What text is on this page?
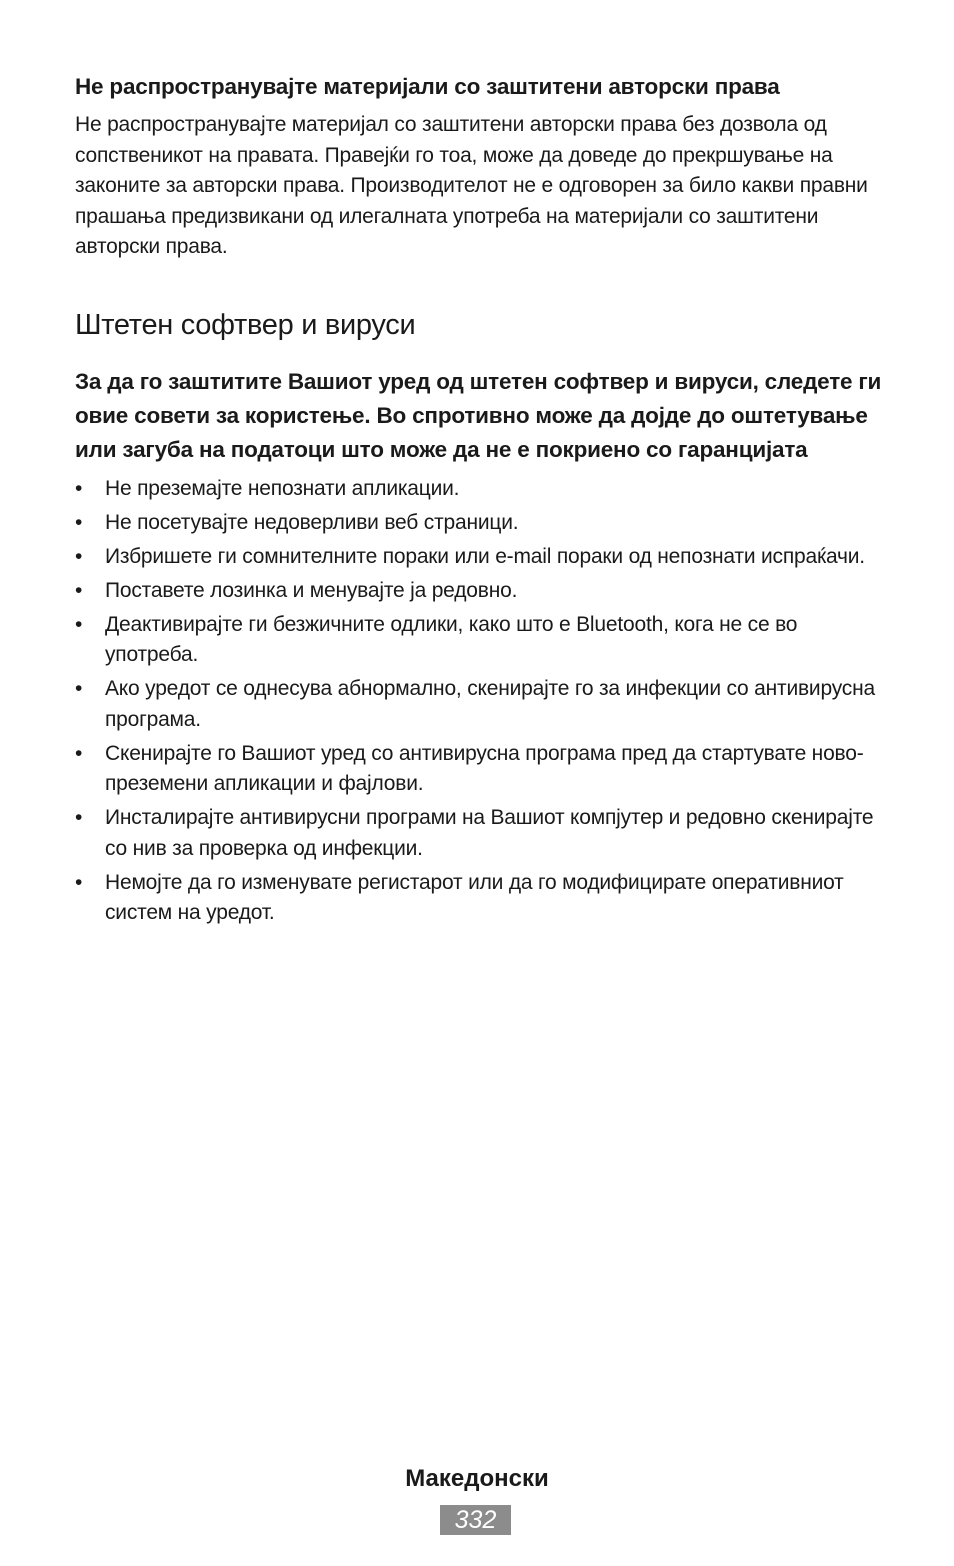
Не распространувајте материјали со заштитени авторски права

Не распространувајте материјал со заштитени авторски права без дозвола од сопственикот на правата. Правејќи го тоа, може да доведе до прекршување на законите за авторски права. Производителот не е одговорен за било какви правни прашања предизвикани од илегалната употреба на материјали со заштитени авторски права.

Штетен софтвер и вируси

За да го заштитите Вашиот уред од штетен софтвер и вируси, следете ги овие совети за користење. Во спротивно може да дојде до оштетување или загуба на податоци што може да не е покриено со гаранцијата

• Не преземајте непознати апликации.
• Не посетувајте недоверливи веб страници.
• Избришете ги сомнителните пораки или e-mail пораки од непознати испраќачи.
• Поставете лозинка и менувајте ја редовно.
• Деактивирајте ги безжичните одлики, како што е Bluetooth, кога не се во употреба.
• Ако уредот се однесува абнормално, скенирајте го за инфекции со антивирусна програма.
• Скенирајте го Вашиот уред со антивирусна програма пред да стартувате ново-преземени апликации и фајлови.
• Инсталирајте антивирусни програми на Вашиот компјутер и редовно скенирајте со нив за проверка од инфекции.
• Немојте да го изменувате регистарот или да го модифицирате оперативниот систем на уредот.
Македонски
332
